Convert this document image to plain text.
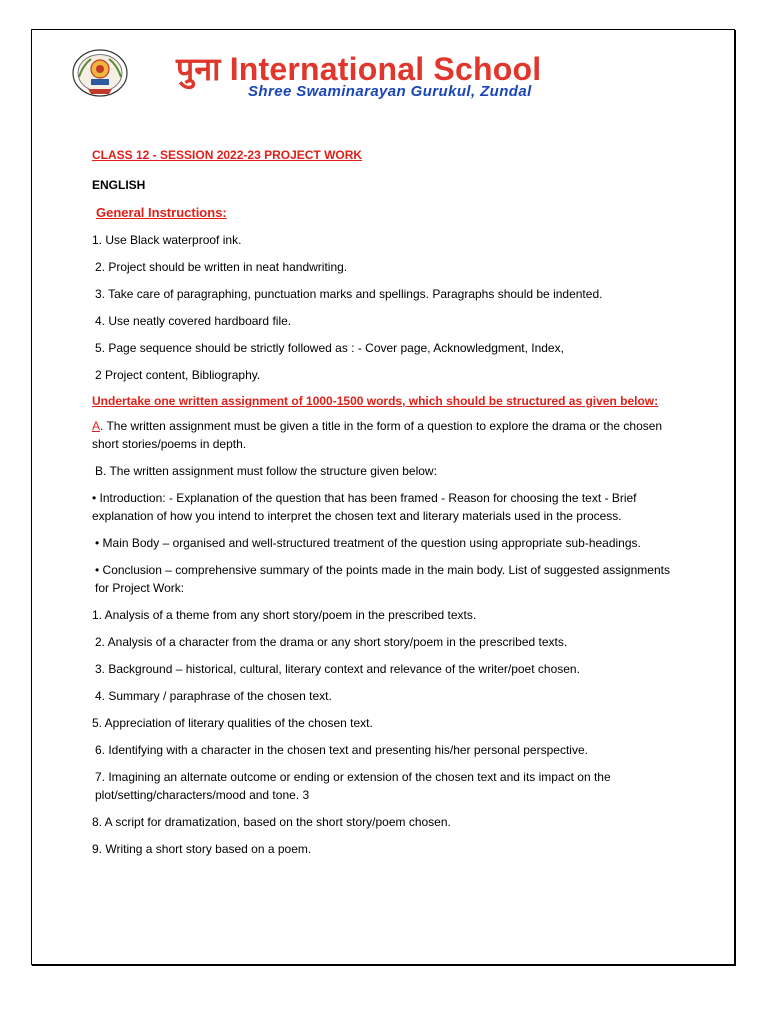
पुना International School
Shree Swaminarayan Gurukul, Zundal

CLASS 12 - SESSION 2022-23 PROJECT WORK

ENGLISH

General Instructions:

1. Use Black waterproof ink.

2. Project should be written in neat handwriting.

3. Take care of paragraphing, punctuation marks and spellings. Paragraphs should be indented.

4. Use neatly covered hardboard file.

5. Page sequence should be strictly followed as : - Cover page, Acknowledgment, Index,

2 Project content, Bibliography.

Undertake one written assignment of 1000-1500 words, which should be structured as given below:

A. The written assignment must be given a title in the form of a question to explore the drama or the chosen short stories/poems in depth.

B. The written assignment must follow the structure given below:

• Introduction: - Explanation of the question that has been framed - Reason for choosing the text - Brief explanation of how you intend to interpret the chosen text and literary materials used in the process.

• Main Body – organised and well-structured treatment of the question using appropriate sub-headings.

• Conclusion – comprehensive summary of the points made in the main body. List of suggested assignments for Project Work:

1. Analysis of a theme from any short story/poem in the prescribed texts.

2. Analysis of a character from the drama or any short story/poem in the prescribed texts.

3. Background – historical, cultural, literary context and relevance of the writer/poet chosen.

4. Summary / paraphrase of the chosen text.

5. Appreciation of literary qualities of the chosen text.

6. Identifying with a character in the chosen text and presenting his/her personal perspective.

7. Imagining an alternate outcome or ending or extension of the chosen text and its impact on the plot/setting/characters/mood and tone. 3

8. A script for dramatization, based on the short story/poem chosen.

9. Writing a short story based on a poem.
